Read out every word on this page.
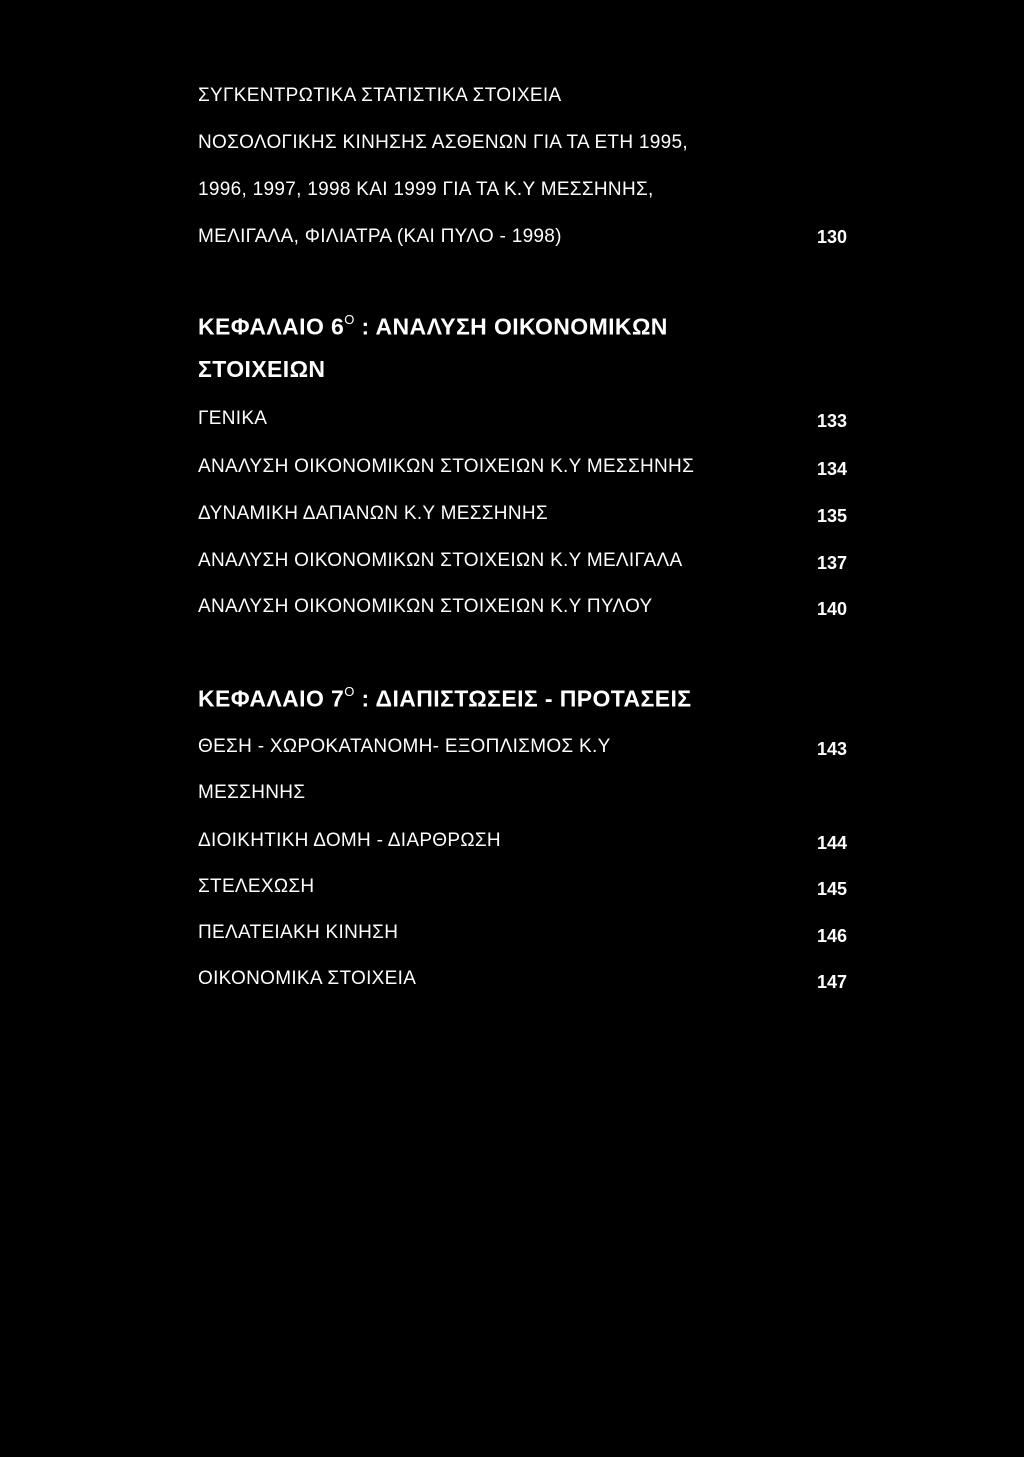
ΣΥΓΚΕΝΤΡΩΤΙΚΑ ΣΤΑΤΙΣΤΙΚΑ ΣΤΟΙΧΕΙΑ
ΝΟΣΟΛΟΓΙΚΗΣ ΚΙΝΗΣΗΣ ΑΣΘΕΝΩΝ ΓΙΑ ΤΑ ΕΤΗ 1995,
1996, 1997, 1998 ΚΑΙ 1999 ΓΙΑ ΤΑ Κ.Υ ΜΕΣΣΗΝΗΣ,
ΜΕΛΙΓΑΛΑ, ΦΙΛΙΑΤΡΑ (ΚΑΙ ΠΥΛΟ - 1998)	130
ΚΕΦΑΛΑΙΟ $6^O$ : ΑΝΑΛΥΣΗ ΟΙΚΟΝΟΜΙΚΩΝ
ΣΤΟΙΧΕΙΩΝ
ΓΕΝΙΚΑ	133
ΑΝΑΛΥΣΗ ΟΙΚΟΝΟΜΙΚΩΝ ΣΤΟΙΧΕΙΩΝ Κ.Υ ΜΕΣΣΗΝΗΣ	134
ΔΥΝΑΜΙΚΗ ΔΑΠΑΝΩΝ Κ.Υ ΜΕΣΣΗΝΗΣ	135
ΑΝΑΛΥΣΗ ΟΙΚΟΝΟΜΙΚΩΝ ΣΤΟΙΧΕΙΩΝ Κ.Υ ΜΕΛΙΓΑΛΑ	137
ΑΝΑΛΥΣΗ ΟΙΚΟΝΟΜΙΚΩΝ ΣΤΟΙΧΕΙΩΝ Κ.Υ ΠΥΛΟΥ	140
ΚΕΦΑΛΑΙΟ $7^O$ : ΔΙΑΠΙΣΤΩΣΕΙΣ - ΠΡΟΤΑΣΕΙΣ
ΘΕΣΗ - ΧΩΡΟΚΑΤΑΝΟΜΗ- ΕΞΟΠΛΙΣΜΟΣ Κ.Υ	143
ΜΕΣΣΗΝΗΣ
ΔΙΟΙΚΗΤΙΚΗ ΔΟΜΗ - ΔΙΑΡΘΡΩΣΗ	144
ΣΤΕΛΕΧΩΣΗ	145
ΠΕΛΑΤΕΙΑΚΗ ΚΙΝΗΣΗ	146
ΟΙΚΟΝΟΜΙΚΑ ΣΤΟΙΧΕΙΑ	147
